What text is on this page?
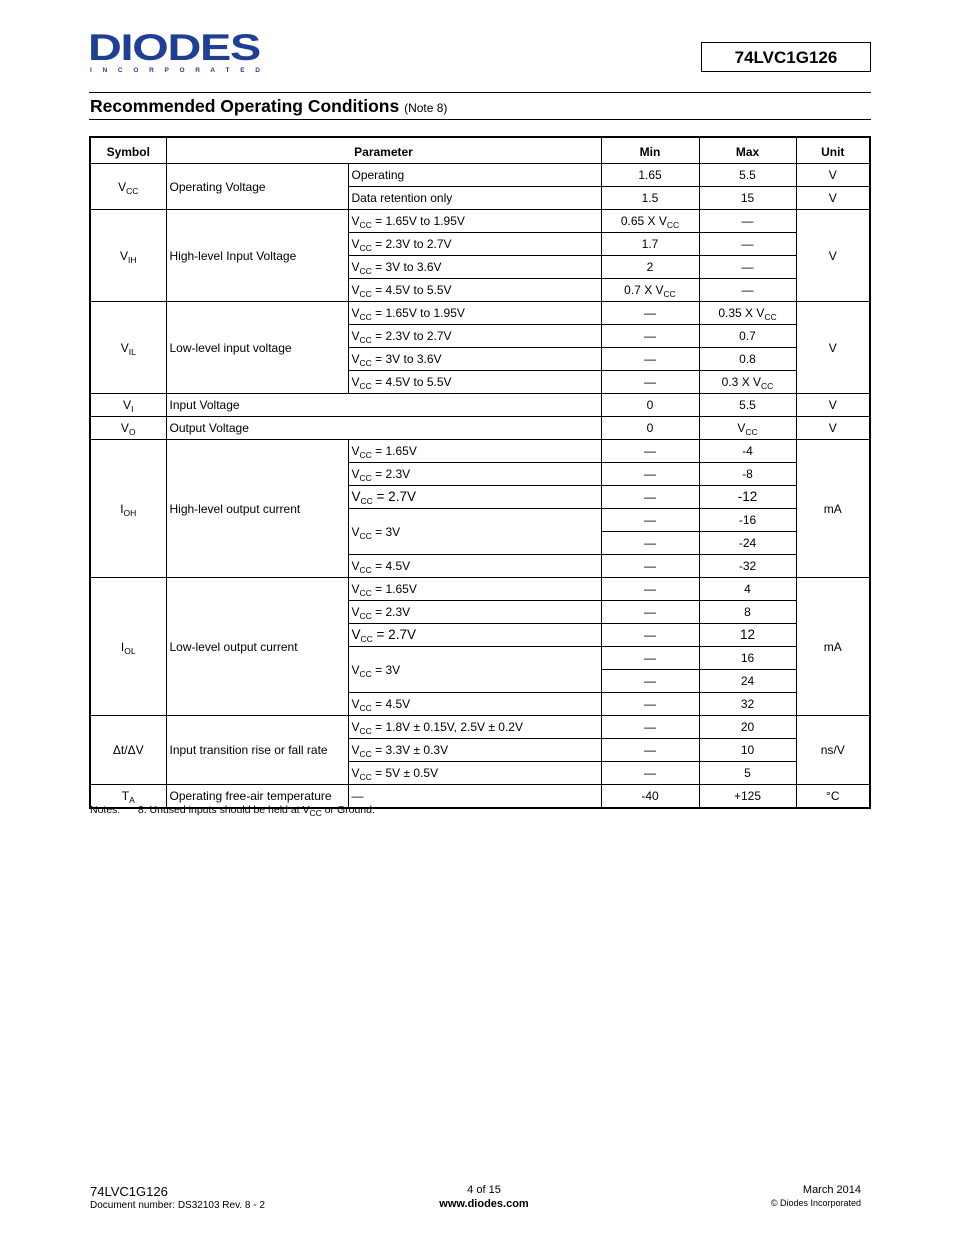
DIODES
I N C O R P O R A T E D
74LVC1G126
Recommended Operating Conditions (Note 8)
Symbol	Parameter		Min	Max	Unit
$V_{CC}$	Operating Voltage	Operating	1.65	5.5	V
		Data retention only	1.5	15	V
$V_{IH}$	High-level Input Voltage	$V_{CC} = 1.65V$ to 1.95V	0.65 X $V_{CC}$	—	V
		$V_{CC} = 2.3V$ to 2.7V	1.7	—	
		$V_{CC} = 3V$ to 3.6V	2	—	
		$V_{CC} = 4.5V$ to 5.5V	0.7 X $V_{CC}$	—	
$V_{IL}$	Low-level input voltage	$V_{CC} = 1.65V$ to 1.95V	—	0.35 X $V_{CC}$	V
		$V_{CC} = 2.3V$ to 2.7V	—	0.7	
		$V_{CC} = 3V$ to 3.6V	—	0.8	
		$V_{CC} = 4.5V$ to 5.5V	—	0.3 X $V_{CC}$
$V_I$	Input Voltage		0	5.5	V
$V_O$	Output Voltage		0	$V_{CC}$	V
$I_{OH}$	High-level output current	$V_{CC} = 1.65V$	—	-4	mA
		$V_{CC} = 2.3V$	—	-8	
		$V_{CC} = 2.7V$	—	-12	
		$V_{CC} = 3V$	—	-16	
			—	-24	
		$V_{CC} = 4.5V$	—	-32	
$I_{OL}$	Low-level output current	$V_{CC} = 1.65V$	—	4	mA
		$V_{CC} = 2.3V$	—	8	
		$V_{CC} = 2.7V$	—	12	
		$V_{CC} = 3V$	—	16	
			—	24	
		$V_{CC} = 4.5V$	—	32	
Δt/ΔV	Input transition rise or fall rate	$V_{CC} = 1.8V \pm 0.15V$, 2.5V ± 0.2V	—	20	ns/V
		$V_{CC} = 3.3V \pm 0.3V$	—	10	
		$V_{CC} = 5V \pm 0.5V$	—	5	
$T_A$	Operating free-air temperature	—	-40	+125	°C
Notes: 8. Unused inputs should be held at $V_{CC}$ or Ground.
74LVC1G126
Document number: DS32103 Rev. 8 - 2
4 of 15
www.diodes.com
March 2014
© Diodes Incorporated
